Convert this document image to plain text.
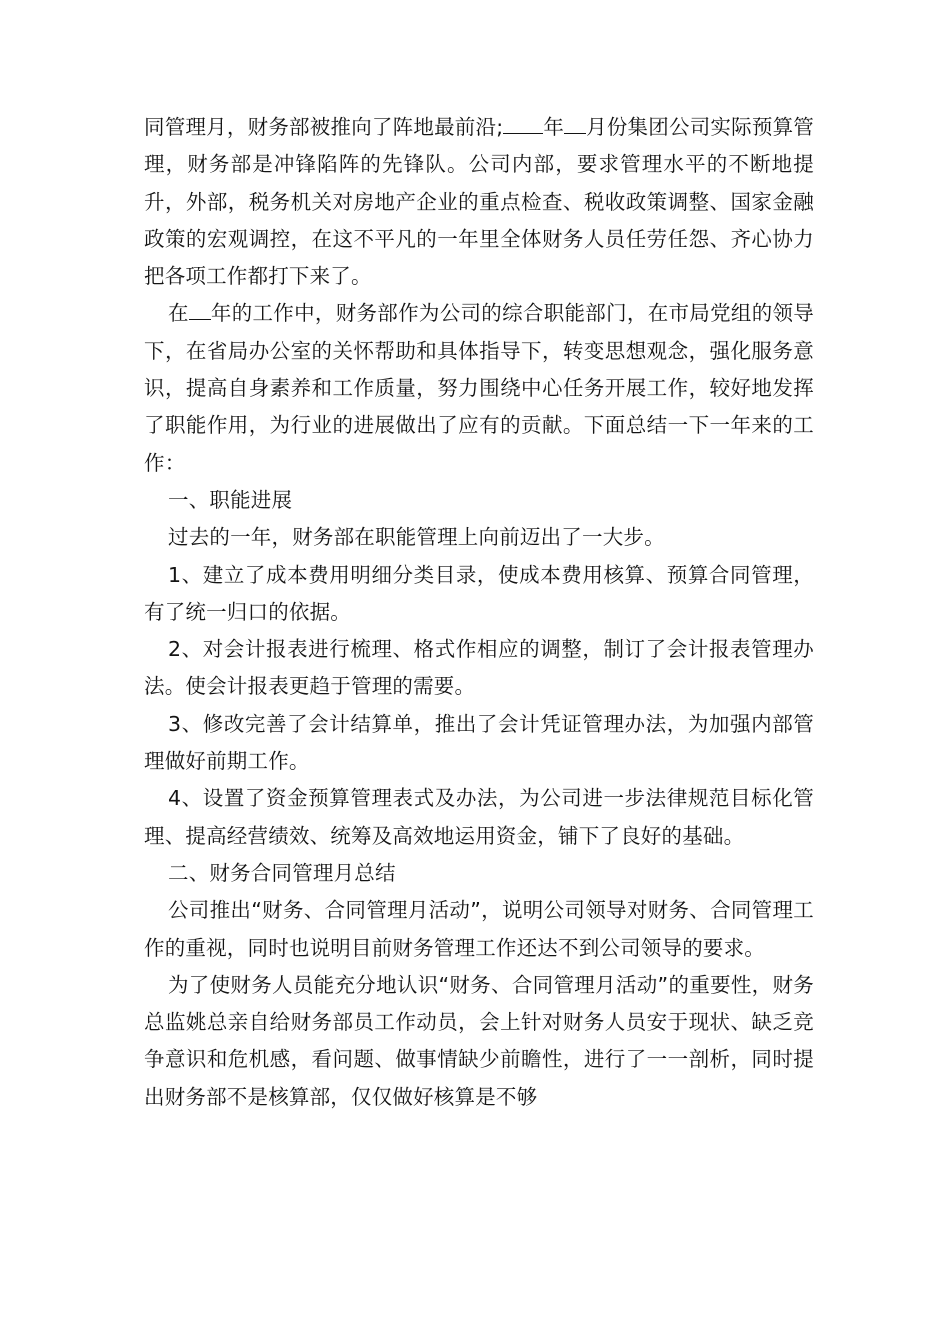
同管理月，财务部被推向了阵地最前沿; 年 月份集团公司实际预算管理，财务部是冲锋陷阵的先锋队。公司内部，要求管理水平的不断地提升，外部，税务机关对房地产企业的重点检查、税收政策调整、国家金融政策的宏观调控，在这不平凡的一年里全体财务人员任劳任怨、齐心协力把各项工作都打下来了。

在 年的工作中，财务部作为公司的综合职能部门，在市局党组的领导下，在省局办公室的关怀帮助和具体指导下，转变思想观念，强化服务意识，提高自身素养和工作质量，努力围绕中心任务开展工作，较好地发挥了职能作用，为行业的进展做出了应有的贡献。下面总结一下一年来的工作：

一、职能进展

过去的一年，财务部在职能管理上向前迈出了一大步。

1、建立了成本费用明细分类目录，使成本费用核算、预算合同管理，有了统一归口的依据。

2、对会计报表进行梳理、格式作相应的调整，制订了会计报表管理办法。使会计报表更趋于管理的需要。

3、修改完善了会计结算单，推出了会计凭证管理办法，为加强内部管理做好前期工作。

4、设置了资金预算管理表式及办法，为公司进一步法律规范目标化管理、提高经营绩效、统筹及高效地运用资金，铺下了良好的基础。

二、财务合同管理月总结

公司推出“财务、合同管理月活动”，说明公司领导对财务、合同管理工作的重视，同时也说明目前财务管理工作还达不到公司领导的要求。

为了使财务人员能充分地认识“财务、合同管理月活动”的重要性，财务总监姚总亲自给财务部员工作动员，会上针对财务人员安于现状、缺乏竞争意识和危机感，看问题、做事情缺少前瞻性，进行了一一剖析，同时提出财务部不是核算部，仅仅做好核算是不够
